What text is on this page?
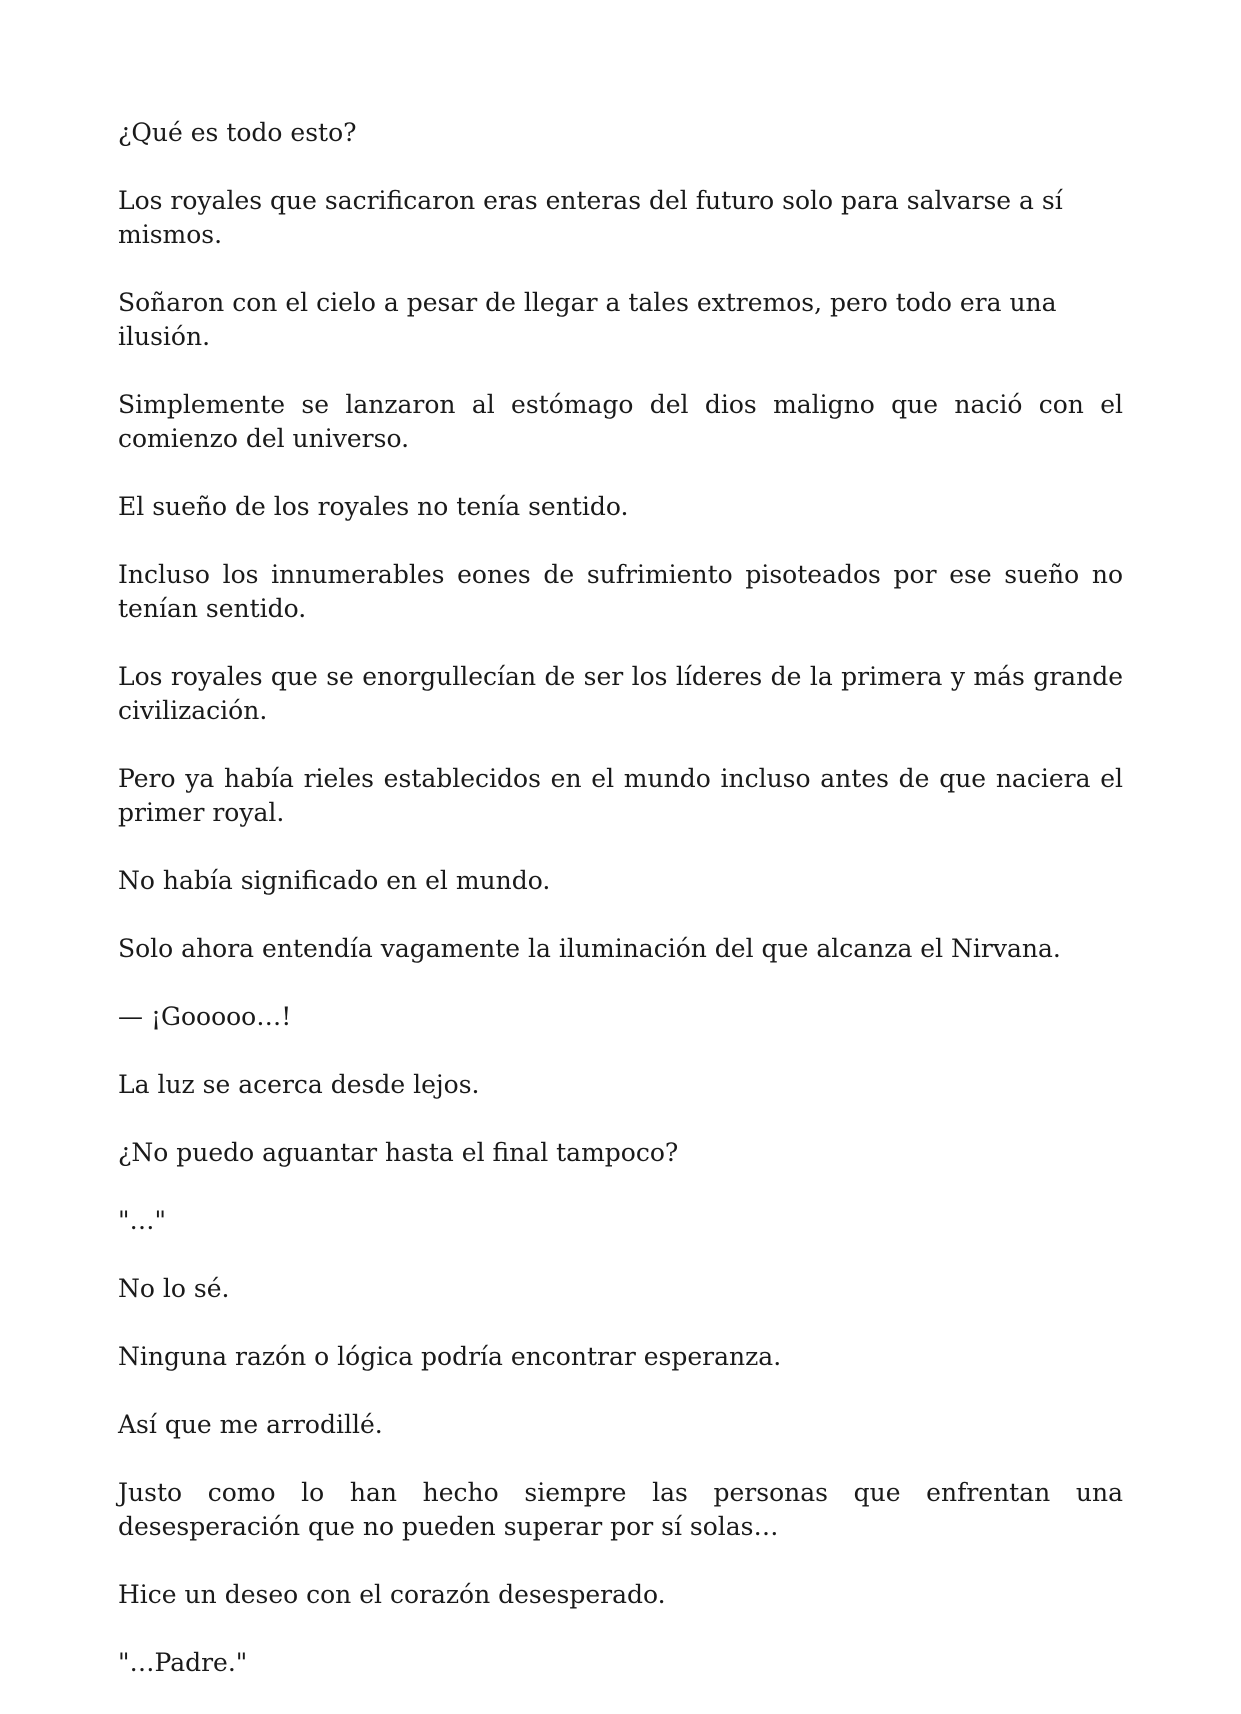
¿Qué es todo esto?

Los royales que sacrificaron eras enteras del futuro solo para salvarse a sí mismos.

Soñaron con el cielo a pesar de llegar a tales extremos, pero todo era una ilusión.

Simplemente se lanzaron al estómago del dios maligno que nació con el comienzo del universo.

El sueño de los royales no tenía sentido.

Incluso los innumerables eones de sufrimiento pisoteados por ese sueño no tenían sentido.

Los royales que se enorgullecían de ser los líderes de la primera y más grande civilización.

Pero ya había rieles establecidos en el mundo incluso antes de que naciera el primer royal.

No había significado en el mundo.

Solo ahora entendía vagamente la iluminación del que alcanza el Nirvana.

— ¡Gooooo…!

La luz se acerca desde lejos.

¿No puedo aguantar hasta el final tampoco?

"…"

No lo sé.

Ninguna razón o lógica podría encontrar esperanza.

Así que me arrodillé.

Justo como lo han hecho siempre las personas que enfrentan una desesperación que no pueden superar por sí solas…

Hice un deseo con el corazón desesperado.

"…Padre."
